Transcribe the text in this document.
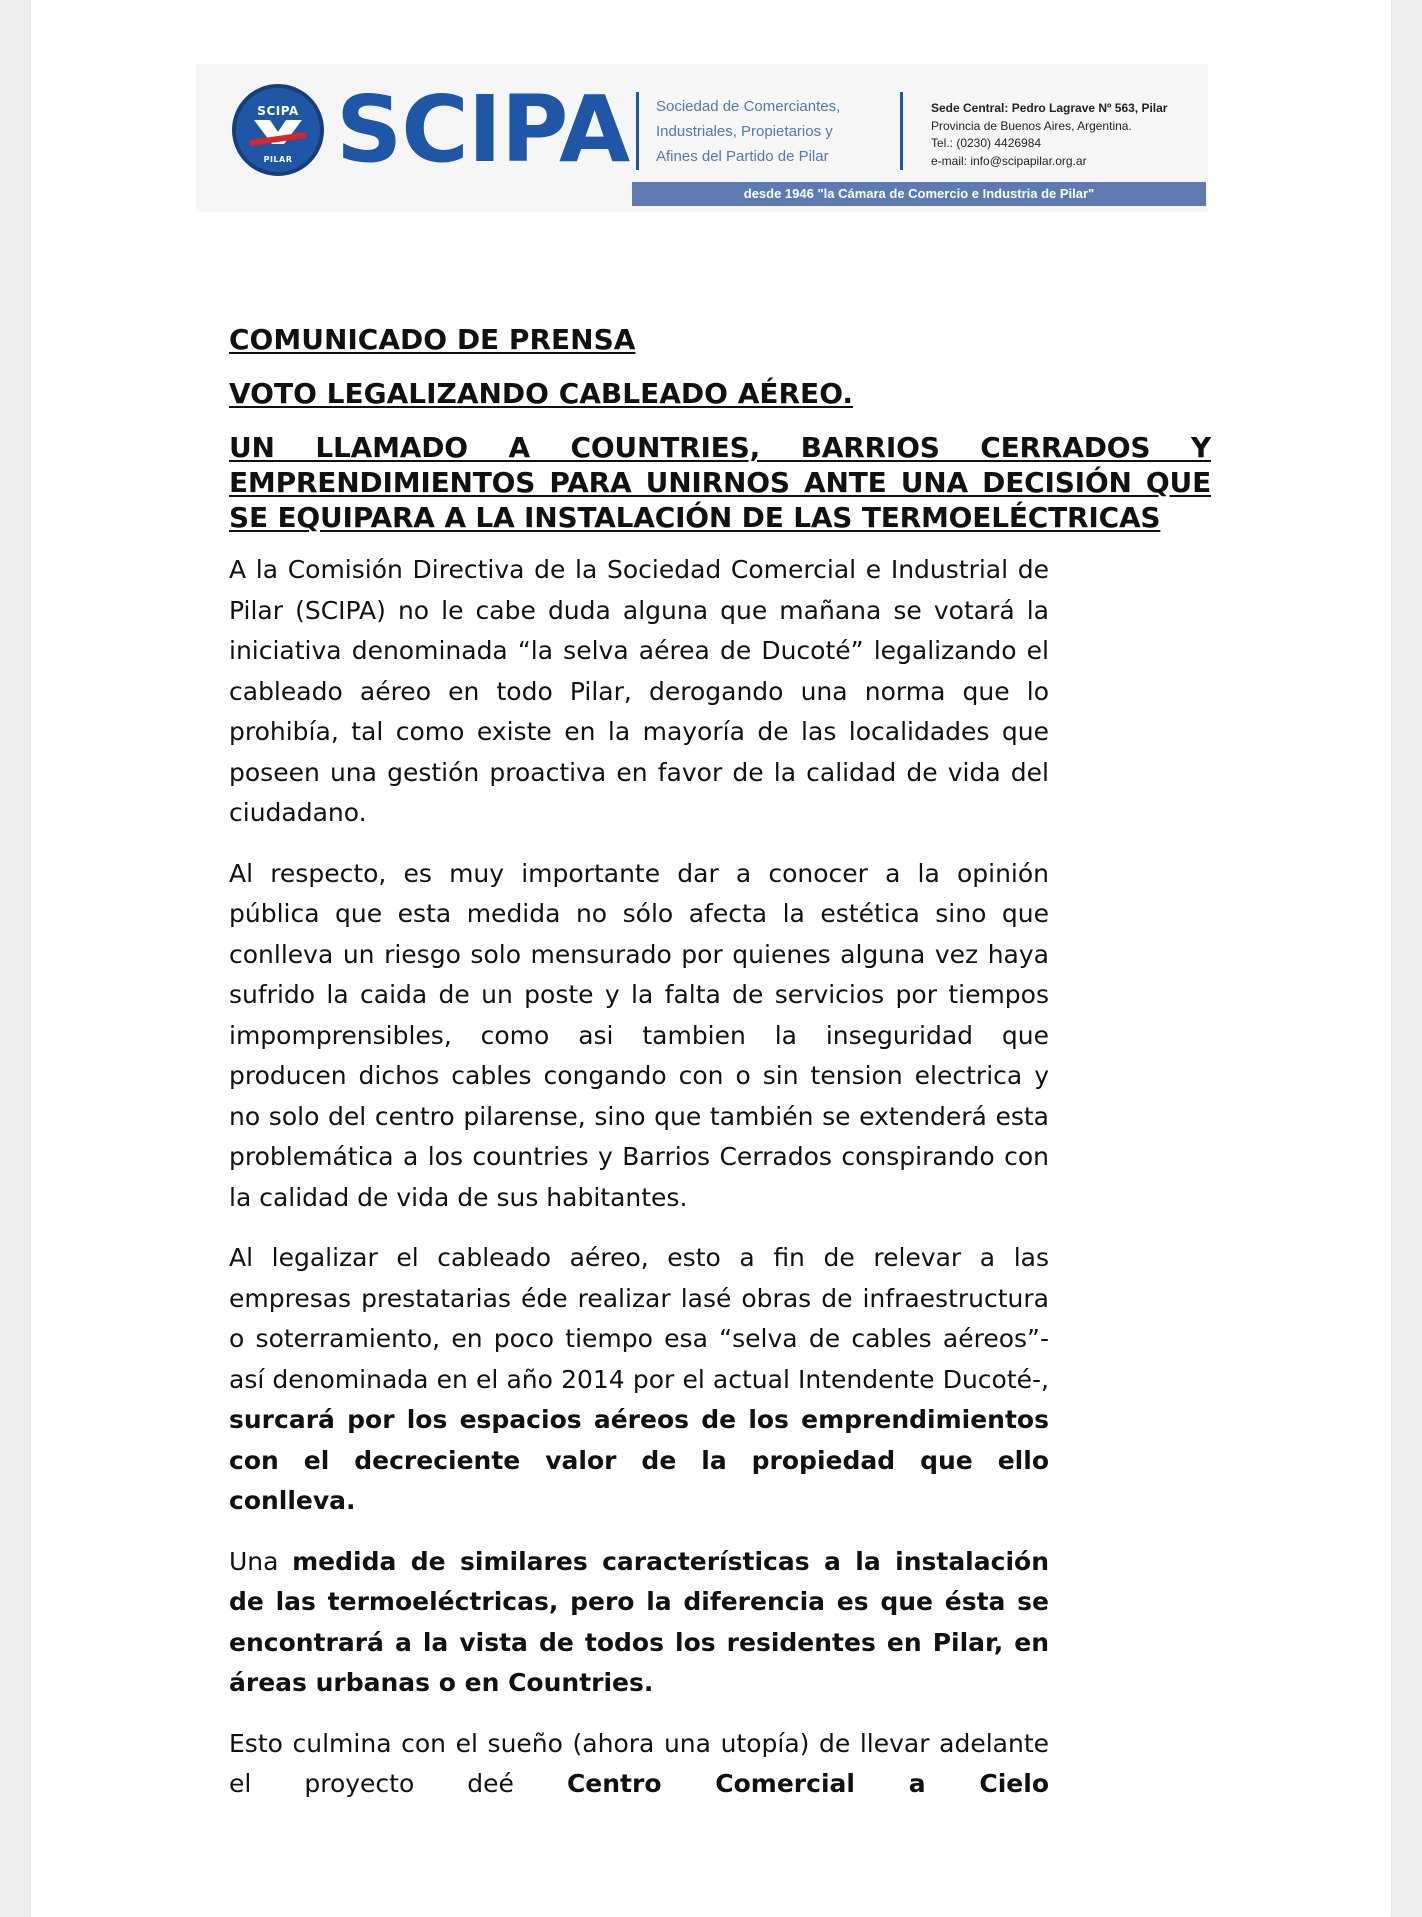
SCIPA
PILAR SCIPA Sociedad de Comerciantes,
Industriales, Propietarios y
Afines del Partido de Pilar
Sede Central: Pedro Lagrave Nº 563, Pilar
Provincia de Buenos Aires, Argentina.
Tel.: (0230) 4426984
e-mail: info@scipapilar.org.ar
desde 1946 "la Cámara de Comercio e Industria de Pilar"
COMUNICADO DE PRENSA
VOTO LEGALIZANDO CABLEADO AÉREO.
UN LLAMADO A COUNTRIES, BARRIOS CERRADOS Y EMPRENDIMIENTOS PARA UNIRNOS ANTE UNA DECISIÓN QUE SE EQUIPARA A LA INSTALACIÓN DE LAS TERMOELÉCTRICAS

A la Comisión Directiva de la Sociedad Comercial e Industrial de Pilar (SCIPA) no le cabe duda alguna que mañana se votará la iniciativa denominada “la selva aérea de Ducoté” legalizando el cableado aéreo en todo Pilar, derogando una norma que lo prohibía, tal como existe en la mayoría de las localidades que poseen una gestión proactiva en favor de la calidad de vida del ciudadano.

Al respecto, es muy importante dar a conocer a la opinión pública que esta medida no sólo afecta la estética sino que conlleva un riesgo solo mensurado por quienes alguna vez haya sufrido la caida de un poste y la falta de servicios por tiempos impomprensibles, como asi tambien la inseguridad que producen dichos cables congando con o sin tension electrica y no solo del centro pilarense, sino que también se extenderá esta problemática a los countries y Barrios Cerrados conspirando con la calidad de vida de sus habitantes.

Al legalizar el cableado aéreo, esto a fin de relevar a las empresas prestatarias éde realizar lasé obras de infraestructura o soterramiento, en poco tiempo esa “selva de cables aéreos”- así denominada en el año 2014 por el actual Intendente Ducoté-, surcará por los espacios aéreos de los emprendimientos con el decreciente valor de la propiedad que ello conlleva.

Una medida de similares características a la instalación de las termoeléctricas, pero la diferencia es que ésta se encontrará a la vista de todos los residentes en Pilar, en áreas urbanas o en Countries.

Esto culmina con el sueño (ahora una utopía) de llevar adelante el proyecto deé Centro Comercial a Cielo
